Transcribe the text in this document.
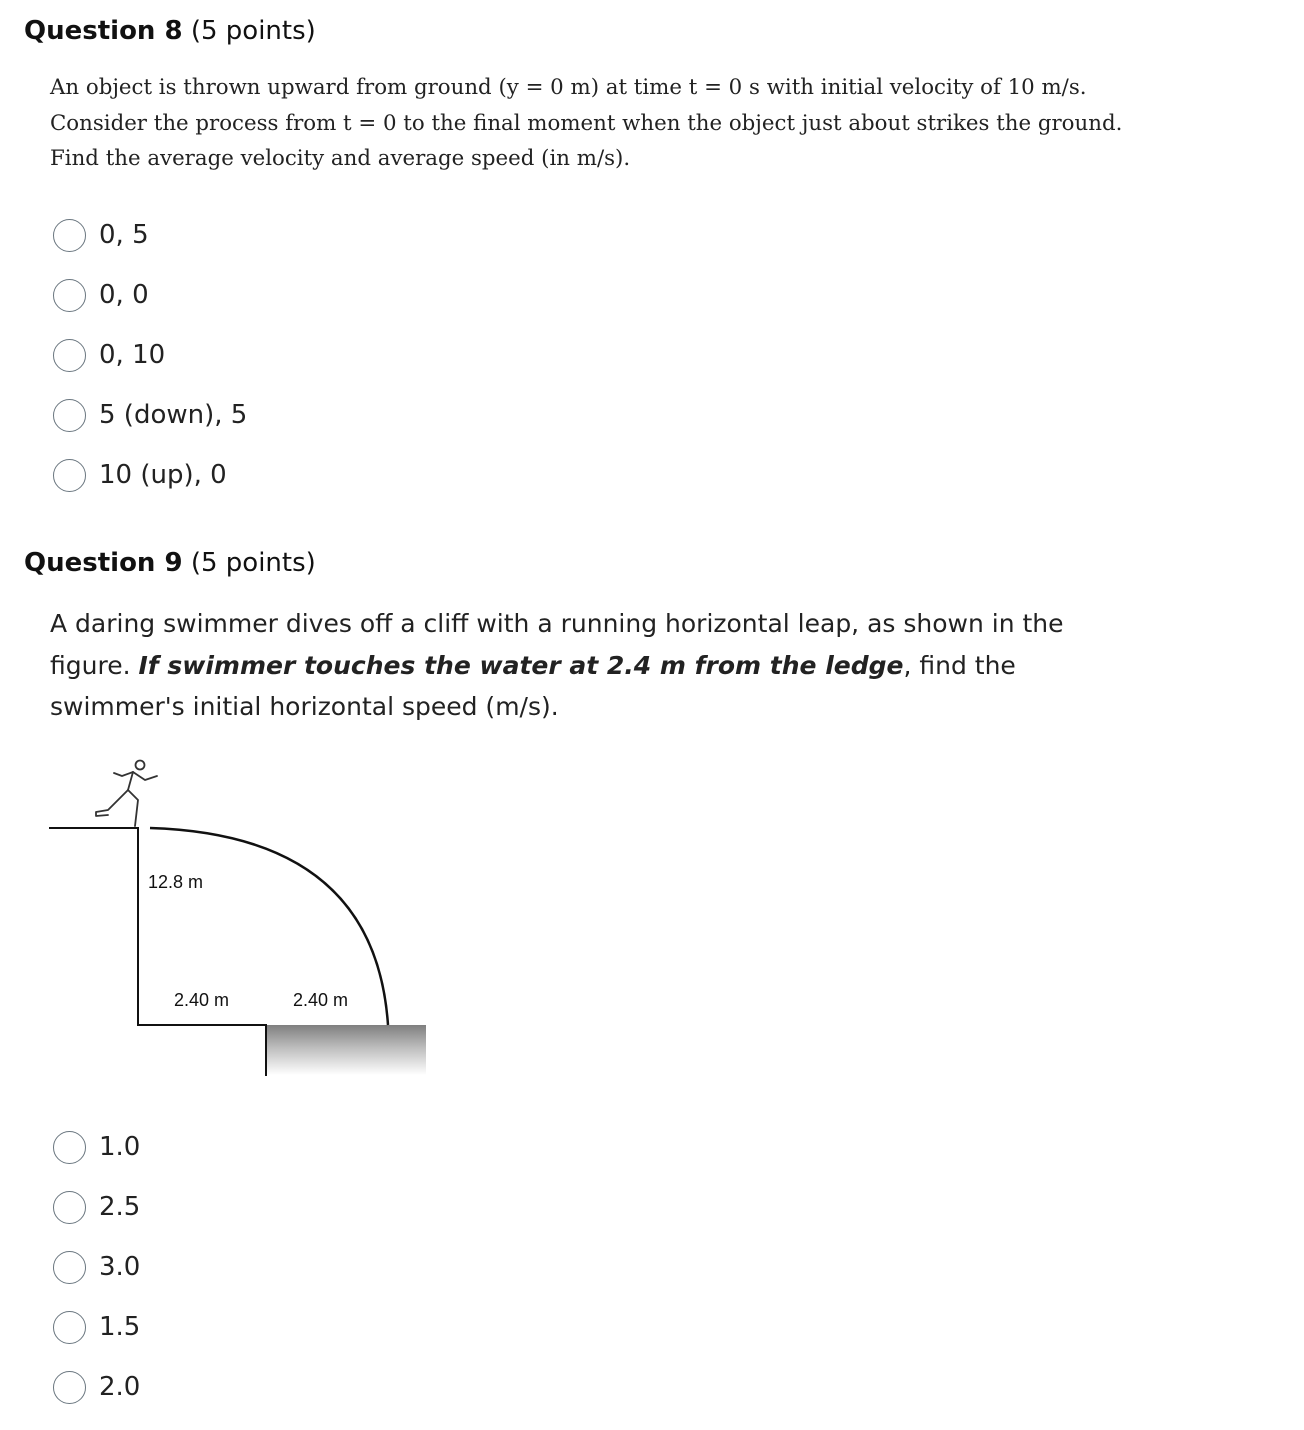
Question 8 (5 points)
An object is thrown upward from ground (y = 0 m) at time t = 0 s with initial velocity of 10 m/s. Consider the process from t = 0 to the final moment when the object just about strikes the ground. Find the average velocity and average speed (in m/s).
0, 5
0, 0
0, 10
5 (down), 5
10 (up), 0
Question 9 (5 points)
A daring swimmer dives off a cliff with a running horizontal leap, as shown in the figure. If swimmer touches the water at 2.4 m from the ledge, find the swimmer's initial horizontal speed (m/s).
12.8 m
2.40 m	2.40 m
1.0
2.5
3.0
1.5
2.0
